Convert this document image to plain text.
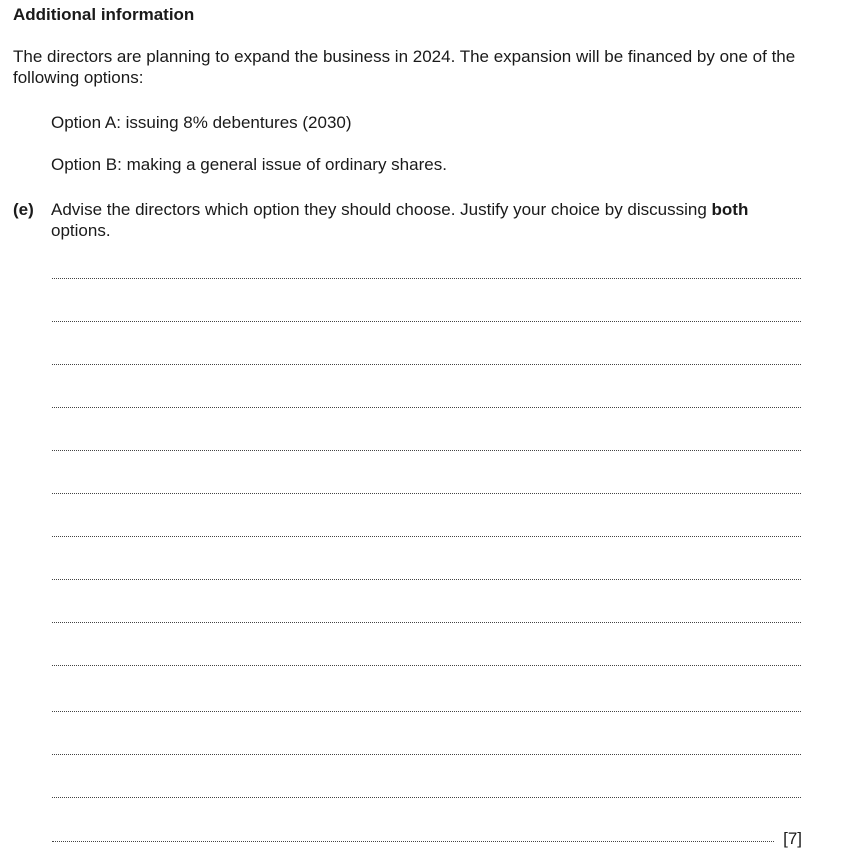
Additional information
The directors are planning to expand the business in 2024. The expansion will be financed by one of the following options:
Option A: issuing 8% debentures (2030)
Option B: making a general issue of ordinary shares.
(e) Advise the directors which option they should choose. Justify your choice by discussing both options.
[7]
